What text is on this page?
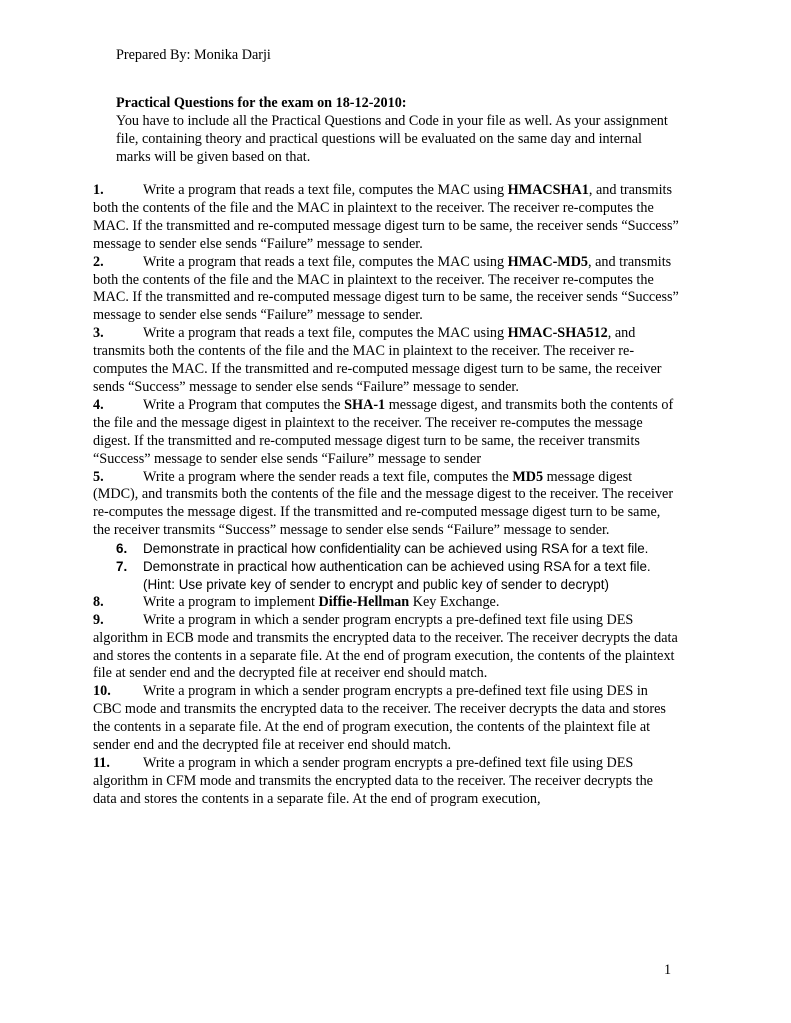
Prepared By: Monika Darji
Practical Questions for the exam on 18-12-2010:
You have to include all the Practical Questions and Code in your file as well. As your assignment file, containing theory and practical questions will be evaluated on the same day and internal marks will be given based on that.
1.	Write a program that reads a text file, computes the MAC using HMACSHA1, and transmits both the contents of the file and the MAC in plaintext to the receiver. The receiver re-computes the MAC. If the transmitted and re-computed message digest turn to be same, the receiver sends “Success” message to sender else sends “Failure” message to sender.
2.	Write a program that reads a text file, computes the MAC using HMAC-MD5, and transmits both the contents of the file and the MAC in plaintext to the receiver. The receiver re-computes the MAC. If the transmitted and re-computed message digest turn to be same, the receiver sends “Success” message to sender else sends “Failure” message to sender.
3.	Write a program that reads a text file, computes the MAC using HMAC-SHA512, and transmits both the contents of the file and the MAC in plaintext to the receiver. The receiver re-computes the MAC. If the transmitted and re-computed message digest turn to be same, the receiver sends “Success” message to sender else sends “Failure” message to sender.
4.	Write a Program that computes the SHA-1 message digest, and transmits both the contents of the file and the message digest in plaintext to the receiver. The receiver re-computes the message digest. If the transmitted and re-computed message digest turn to be same, the receiver transmits “Success” message to sender else sends “Failure” message to sender
5.	Write a program where the sender reads a text file, computes the MD5 message digest (MDC), and transmits both the contents of the file and the message digest to the receiver. The receiver re-computes the message digest. If the transmitted and re-computed message digest turn to be same, the receiver transmits “Success” message to sender else sends “Failure” message to sender.
6. Demonstrate in practical how confidentiality can be achieved using RSA for a text file.
7. Demonstrate in practical how authentication can be achieved using RSA for a text file. (Hint: Use private key of sender to encrypt and public key of sender to decrypt)
8.	Write a program to implement Diffie-Hellman Key Exchange.
9.	Write a program in which a sender program encrypts a pre-defined text file using DES algorithm in ECB mode and transmits the encrypted data to the receiver. The receiver decrypts the data and stores the contents in a separate file. At the end of program execution, the contents of the plaintext file at sender end and the decrypted file at receiver end should match.
10. Write a program in which a sender program encrypts a pre-defined text file using DES in CBC mode and transmits the encrypted data to the receiver. The receiver decrypts the data and stores the contents in a separate file. At the end of program execution, the contents of the plaintext file at sender end and the decrypted file at receiver end should match.
11. Write a program in which a sender program encrypts a pre-defined text file using DES algorithm in CFM mode and transmits the encrypted data to the receiver. The receiver decrypts the data and stores the contents in a separate file. At the end of program execution,
1
